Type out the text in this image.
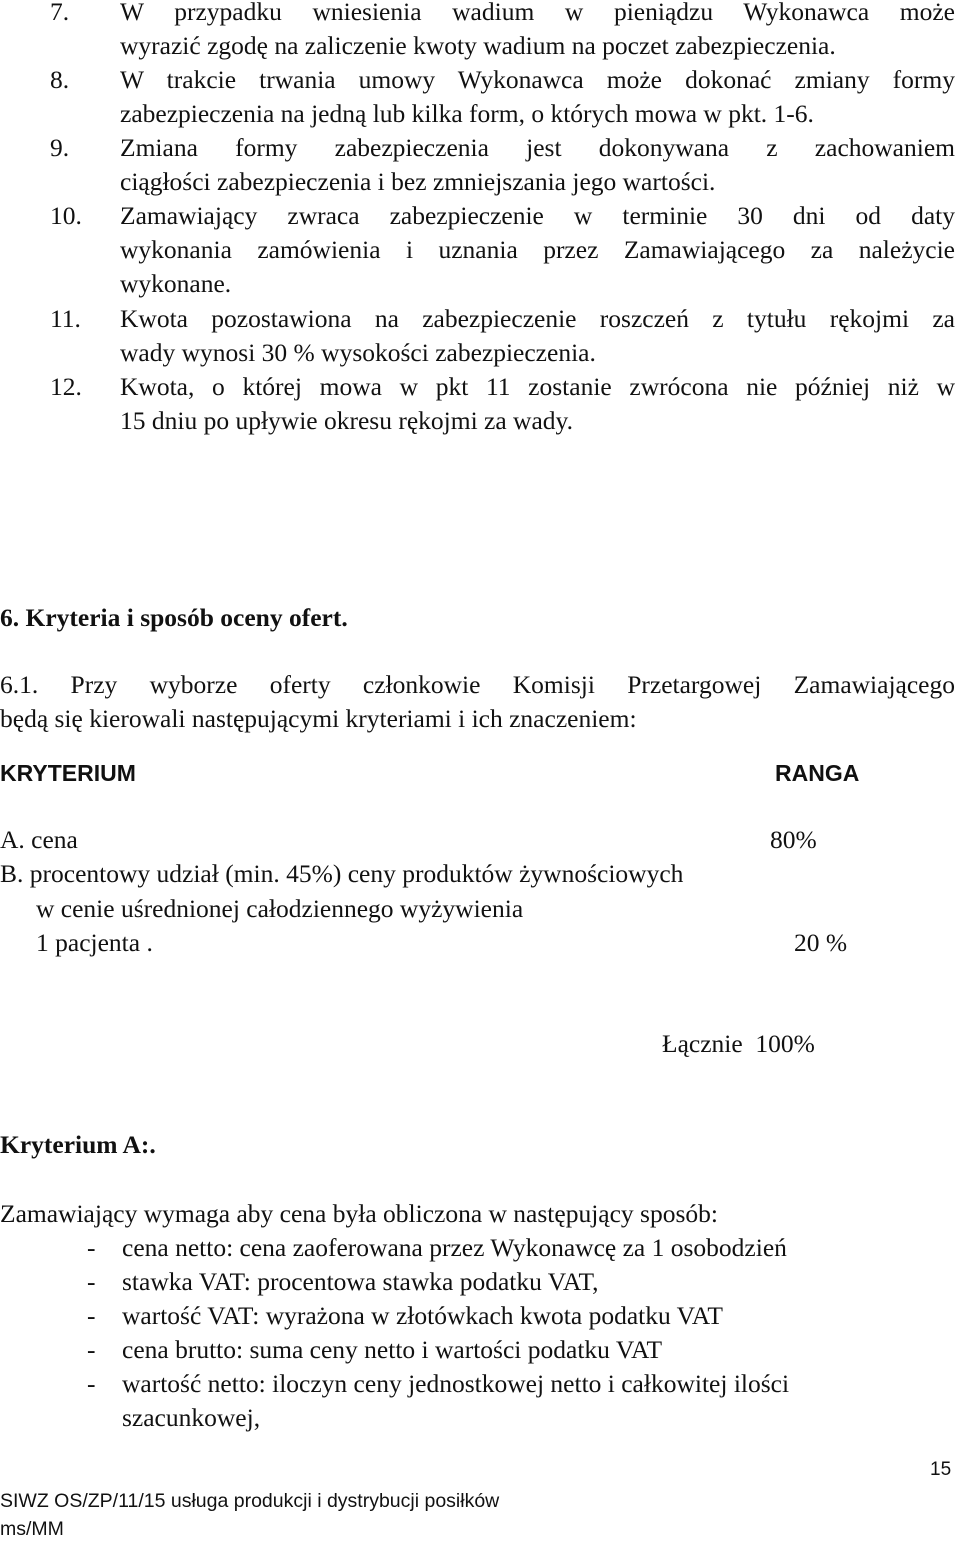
7.	W przypadku wniesienia wadium w pieniądzu Wykonawca może
wyrazić zgodę na zaliczenie kwoty wadium na poczet zabezpieczenia.
8.	W trakcie trwania umowy Wykonawca może dokonać zmiany formy
zabezpieczenia na jedną lub kilka form, o których mowa w pkt. 1-6.
9.	Zmiana formy zabezpieczenia jest dokonywana z zachowaniem
ciągłości zabezpieczenia i bez zmniejszania jego wartości.
10.	Zamawiający zwraca zabezpieczenie w terminie 30 dni od daty
wykonania zamówienia i uznania przez Zamawiającego za należycie
wykonane.
11.	Kwota pozostawiona na zabezpieczenie roszczeń z tytułu rękojmi za
wady wynosi 30 % wysokości zabezpieczenia.
12.	Kwota, o której mowa w pkt 11 zostanie zwrócona nie później niż w
15 dniu po upływie okresu rękojmi za wady.
6. Kryteria i sposób oceny ofert.
6.1. Przy wyborze oferty członkowie Komisji Przetargowej Zamawiającego
będą się kierowali następującymi kryteriami i ich znaczeniem:
KRYTERIUM	RANGA
A. cena	80%
B. procentowy udział (min. 45%) ceny produktów żywnościowych
w cenie uśrednionej całodziennego wyżywienia
1 pacjenta .	20 %
Łącznie  100%
Kryterium A:.
Zamawiający wymaga aby cena była obliczona w następujący sposób:
- cena netto: cena zaoferowana przez Wykonawcę za 1 osobodzień
- stawka VAT: procentowa stawka podatku VAT,
- wartość VAT: wyrażona w złotówkach kwota podatku VAT
- cena brutto: suma ceny netto i wartości podatku VAT
- wartość netto: iloczyn ceny jednostkowej netto i całkowitej ilości
szacunkowej,
15
SIWZ OS/ZP/11/15 usługa produkcji i dystrybucji posiłków
ms/MM
